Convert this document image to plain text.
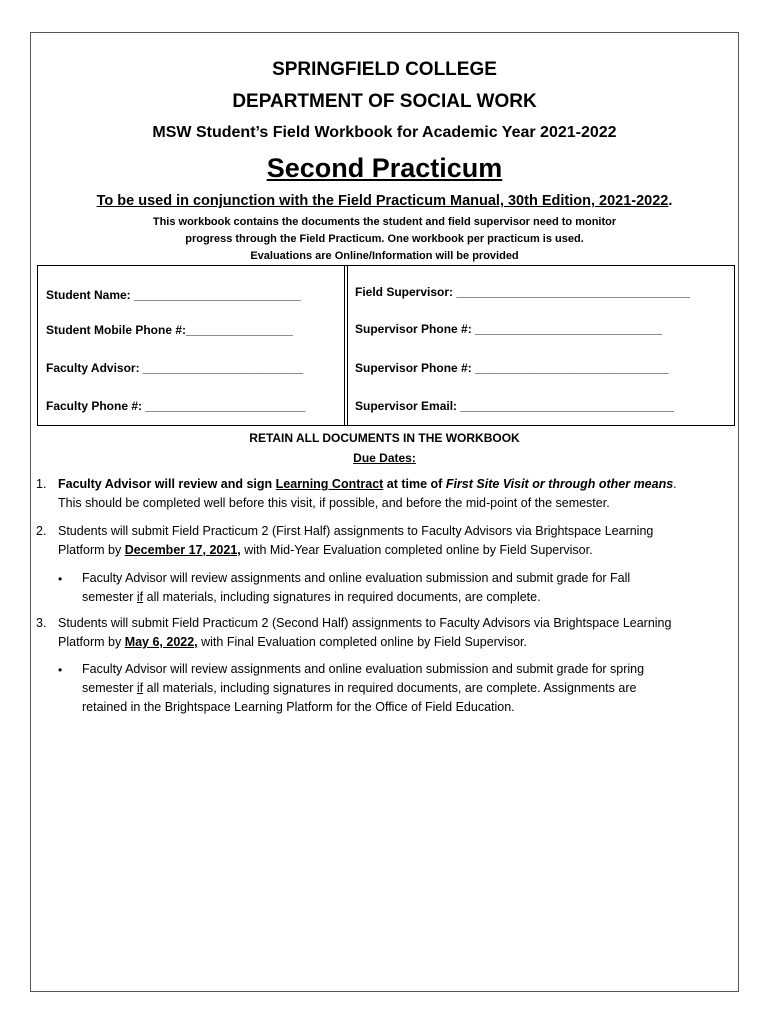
SPRINGFIELD COLLEGE
DEPARTMENT OF SOCIAL WORK
MSW Student’s Field Workbook for Academic Year 2021-2022
Second Practicum
To be used in conjunction with the Field Practicum Manual, 30th Edition, 2021-2022.
This workbook contains the documents the student and field supervisor need to monitor
progress through the Field Practicum. One workbook per practicum is used.
Evaluations are Online/Information will be provided
Student Name: _________________________
Student Mobile Phone #:________________
Faculty Advisor: ________________________
Faculty Phone #: ________________________
Field Supervisor: ___________________________________
Supervisor Phone #: ____________________________
Supervisor Phone #: _____________________________
Supervisor Email: ________________________________
RETAIN ALL DOCUMENTS IN THE WORKBOOK
Due Dates:
1. Faculty Advisor will review and sign Learning Contract at time of First Site Visit or through other means.
This should be completed well before this visit, if possible, and before the mid-point of the semester.
2. Students will submit Field Practicum 2 (First Half) assignments to Faculty Advisors via Brightspace Learning
Platform by December 17, 2021, with Mid-Year Evaluation completed online by Field Supervisor.
• Faculty Advisor will review assignments and online evaluation submission and submit grade for Fall
semester if all materials, including signatures in required documents, are complete.
3. Students will submit Field Practicum 2 (Second Half) assignments to Faculty Advisors via Brightspace Learning
Platform by May 6, 2022, with Final Evaluation completed online by Field Supervisor.
• Faculty Advisor will review assignments and online evaluation submission and submit grade for spring
semester if all materials, including signatures in required documents, are complete. Assignments are
retained in the Brightspace Learning Platform for the Office of Field Education.
